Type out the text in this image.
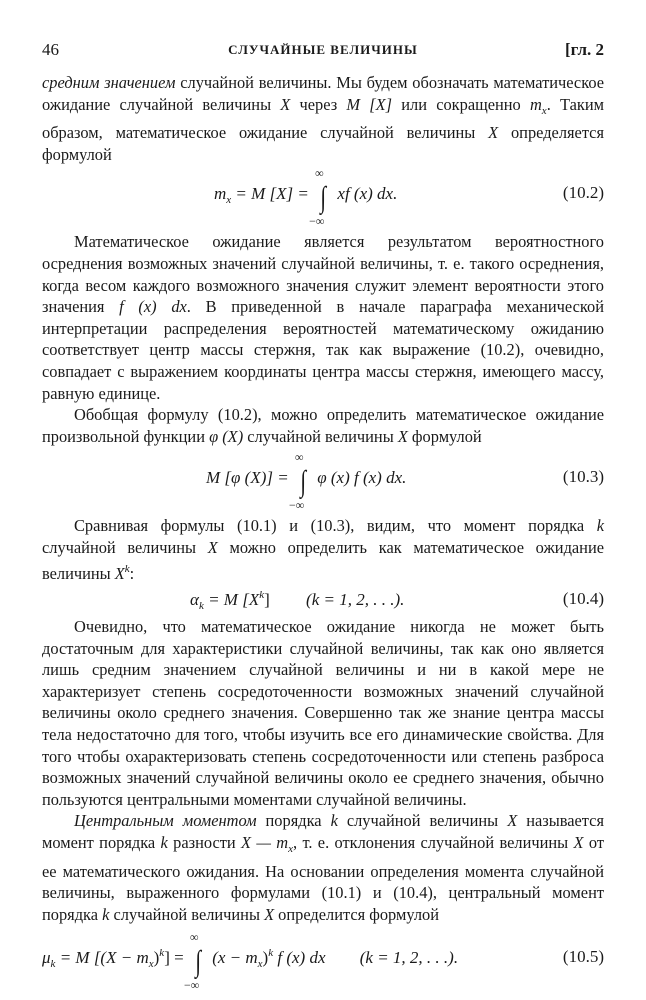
46	СЛУЧАЙНЫЕ ВЕЛИЧИНЫ	[гл. 2

средним значением случайной величины. Мы будем обозначать математическое ожидание случайной величины X через M [X] или сокращенно $m_x$. Таким образом, математическое ожидание случайной величины X определяется формулой

$m_x = M$ [X] =
∞
∫
−∞
xf (x) dx.	(10.2)

Математическое ожидание является результатом вероятностного осреднения возможных значений случайной величины, т. е. такого осреднения, когда весом каждого возможного значения служит элемент вероятности этого значения f (x) dx. В приведенной в начале параграфа механической интерпретации распределения вероятностей математическому ожиданию соответствует центр массы стержня, так как выражение (10.2), очевидно, совпадает с выражением координаты центра массы стержня, имеющего массу, равную единице.

Обобщая формулу (10.2), можно определить математическое ожидание произвольной функции φ (X) случайной величины X формулой

M [φ (X)] =
∞
∫
−∞
φ (x) f (x) dx.	(10.3)

Сравнивая формулы (10.1) и (10.3), видим, что момент порядка k случайной величины X можно определить как математическое ожидание величины $X^k$:

$\alpha_k = M$ $[X^k] (k = 1$, 2, . . .).	(10.4)

Очевидно, что математическое ожидание никогда не может быть достаточным для характеристики случайной величины, так как оно является лишь средним значением случайной величины и ни в какой мере не характеризует степень сосредоточенности возможных значений случайной величины около среднего значения. Совершенно так же знание центра массы тела недостаточно для того, чтобы изучить все его динамические свойства. Для того чтобы охарактеризовать степень сосредоточенности или степень разброса возможных значений случайной величины около ее среднего значения, обычно пользуются центральными моментами случайной величины.

Центральным моментом порядка k случайной величины X называется момент порядка k разности X — $m_x$, т. е. отклонения случайной величины X от ее математического ожидания. На основании определения момента случайной величины, выраженного формулами (10.1) и (10.4), центральный момент порядка k случайной величины X определится формулой

$\mu_k = M$ $[(X - m_x)^k]$ =
∞
∫
−∞
$(x - m_x)^k$ f (x) dx (k = 1, 2, . . .).	(10.5)
